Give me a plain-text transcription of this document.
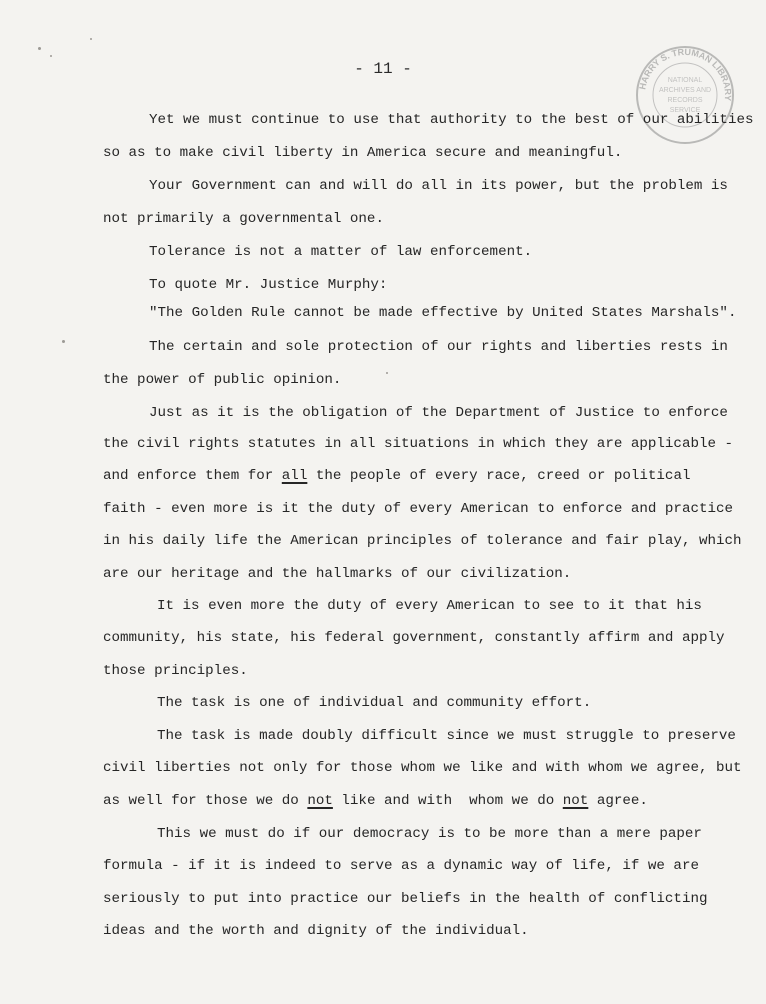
HARRY S. TRUMAN LIBRARY
NATIONAL
ARCHIVES AND
RECORDS
SERVICE
- 11 -
Yet we must continue to use that authority to the best of our abilities
so as to make civil liberty in America secure and meaningful.
Your Government can and will do all in its power, but the problem is
not primarily a governmental one.
Tolerance is not a matter of law enforcement.
To quote Mr. Justice Murphy:
"The Golden Rule cannot be made effective by United States Marshals".
The certain and sole protection of our rights and liberties rests in
the power of public opinion.
Just as it is the obligation of the Department of Justice to enforce
the civil rights statutes in all situations in which they are applicable -
and enforce them for all the people of every race, creed or political
faith - even more is it the duty of every American to enforce and practice
in his daily life the American principles of tolerance and fair play, which
are our heritage and the hallmarks of our civilization.
It is even more the duty of every American to see to it that his
community, his state, his federal government, constantly affirm and apply
those principles.
The task is one of individual and community effort.
The task is made doubly difficult since we must struggle to preserve
civil liberties not only for those whom we like and with whom we agree, but
as well for those we do not like and with  whom we do not agree.
This we must do if our democracy is to be more than a mere paper
formula - if it is indeed to serve as a dynamic way of life, if we are
seriously to put into practice our beliefs in the health of conflicting
ideas and the worth and dignity of the individual.
